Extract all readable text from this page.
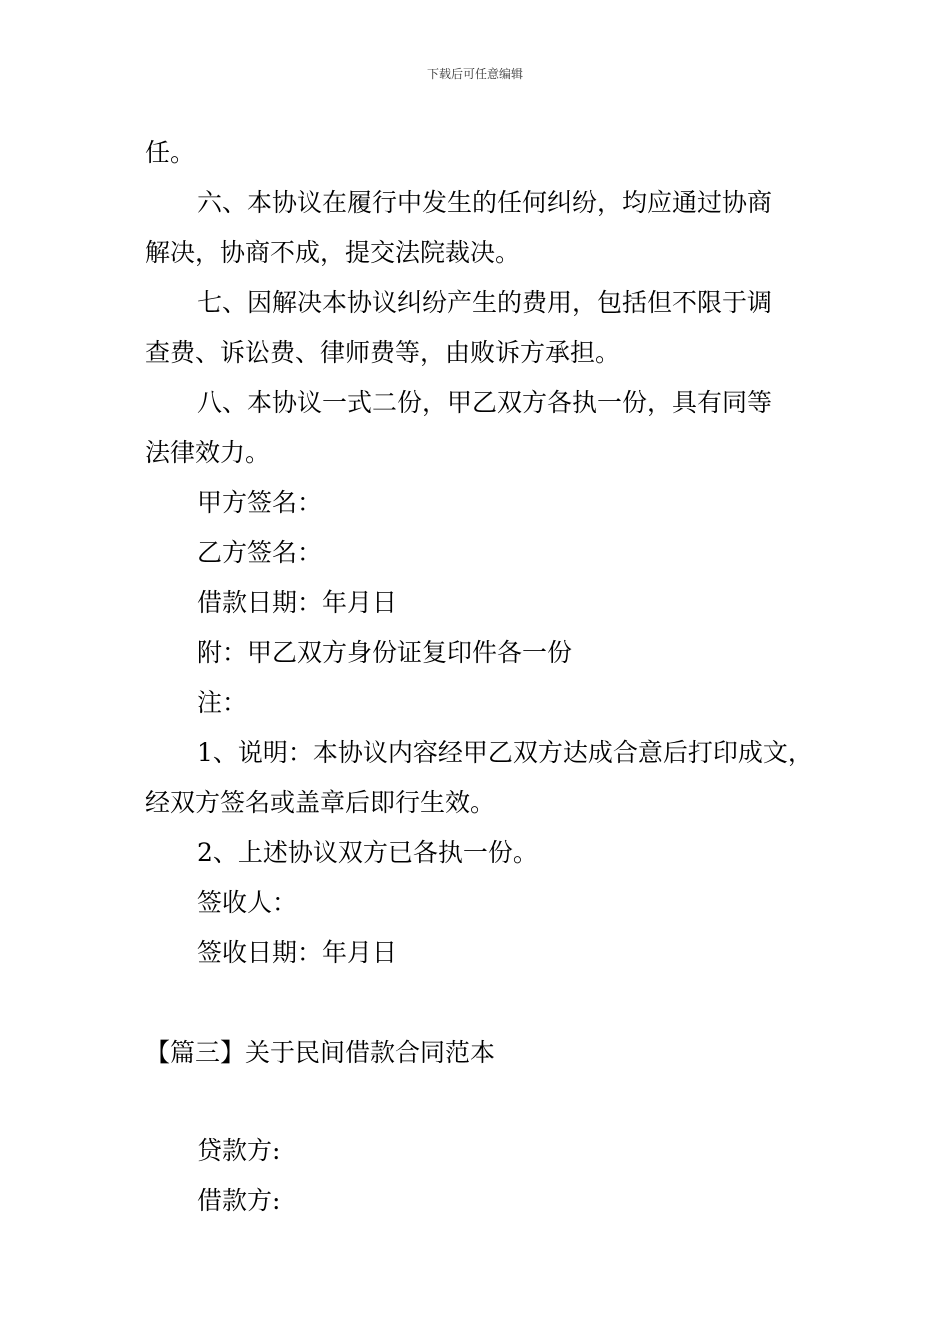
下载后可任意编辑
任。
六、本协议在履行中发生的任何纠纷，均应通过协商
解决，协商不成，提交法院裁决。
七、因解决本协议纠纷产生的费用，包括但不限于调
查费、诉讼费、律师费等，由败诉方承担。
八、本协议一式二份，甲乙双方各执一份，具有同等
法律效力。
甲方签名：
乙方签名：
借款日期：年月日
附：甲乙双方身份证复印件各一份
注：
1、说明：本协议内容经甲乙双方达成合意后打印成文，
经双方签名或盖章后即行生效。
2、上述协议双方已各执一份。
签收人：
签收日期：年月日
【篇三】关于民间借款合同范本
贷款方:
借款方:
